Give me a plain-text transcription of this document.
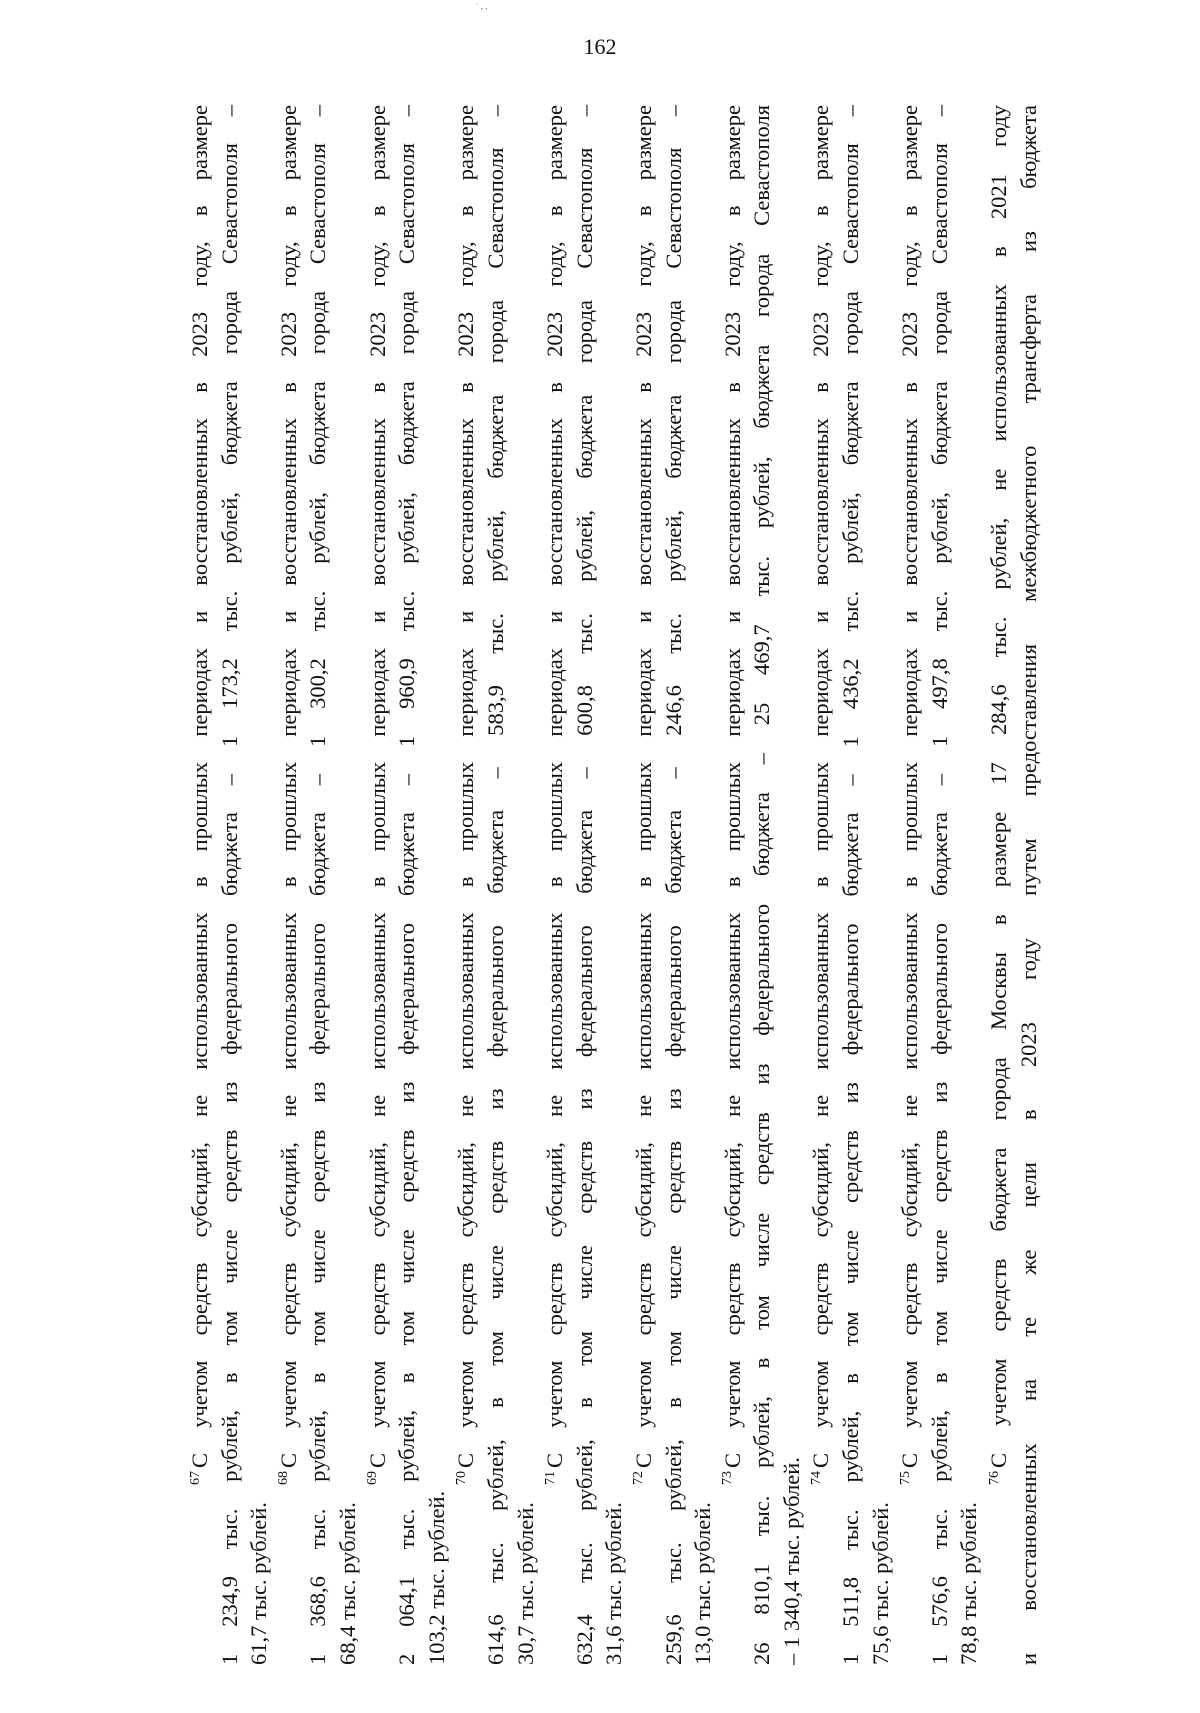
˙ ‚ ,
162
$^{67}$С учетом средств субсидий, не использованных в прошлых периодах и восстановленных в 2023 году, в размере 1 234,9 тыс. рублей, в том числе средств из федерального бюджета – 1 173,2 тыс. рублей, бюджета города Севастополя – 61,7 тыс. рублей.
$^{68}$С учетом средств субсидий, не использованных в прошлых периодах и восстановленных в 2023 году, в размере 1 368,6 тыс. рублей, в том числе средств из федерального бюджета – 1 300,2 тыс. рублей, бюджета города Севастополя – 68,4 тыс. рублей.
$^{69}$С учетом средств субсидий, не использованных в прошлых периодах и восстановленных в 2023 году, в размере 2 064,1 тыс. рублей, в том числе средств из федерального бюджета – 1 960,9 тыс. рублей, бюджета города Севастополя – 103,2 тыс. рублей.
$^{70}$С учетом средств субсидий, не использованных в прошлых периодах и восстановленных в 2023 году, в размере 614,6 тыс. рублей, в том числе средств из федерального бюджета – 583,9 тыс. рублей, бюджета города Севастополя – 30,7 тыс. рублей.
$^{71}$С учетом средств субсидий, не использованных в прошлых периодах и восстановленных в 2023 году, в размере 632,4 тыс. рублей, в том числе средств из федерального бюджета – 600,8 тыс. рублей, бюджета города Севастополя – 31,6 тыс. рублей.
$^{72}$С учетом средств субсидий, не использованных в прошлых периодах и восстановленных в 2023 году, в размере 259,6 тыс. рублей, в том числе средств из федерального бюджета – 246,6 тыс. рублей, бюджета города Севастополя – 13,0 тыс. рублей.
$^{73}$С учетом средств субсидий, не использованных в прошлых периодах и восстановленных в 2023 году, в размере 26 810,1 тыс. рублей, в том числе средств из федерального бюджета – 25 469,7 тыс. рублей, бюджета города Севастополя – 1 340,4 тыс. рублей. $^{74}$С учетом средств субсидий, не использованных в прошлых периодах и восстановленных в 2023 году, в размере 1 511,8 тыс. рублей, в том числе средств из федерального бюджета – 1 436,2 тыс. рублей, бюджета города Севастополя – 75,6 тыс. рублей.
$^{75}$С учетом средств субсидий, не использованных в прошлых периодах и восстановленных в 2023 году, в размере 1 576,6 тыс. рублей, в том числе средств из федерального бюджета – 1 497,8 тыс. рублей, бюджета города Севастополя – 78,8 тыс. рублей.
$^{76}$С учетом средств бюджета города Москвы в размере 17 284,6 тыс. рублей, не использованных в 2021 году и восстановленных на те же цели в 2023 году путем предоставления межбюджетного трансферта из бюджета
